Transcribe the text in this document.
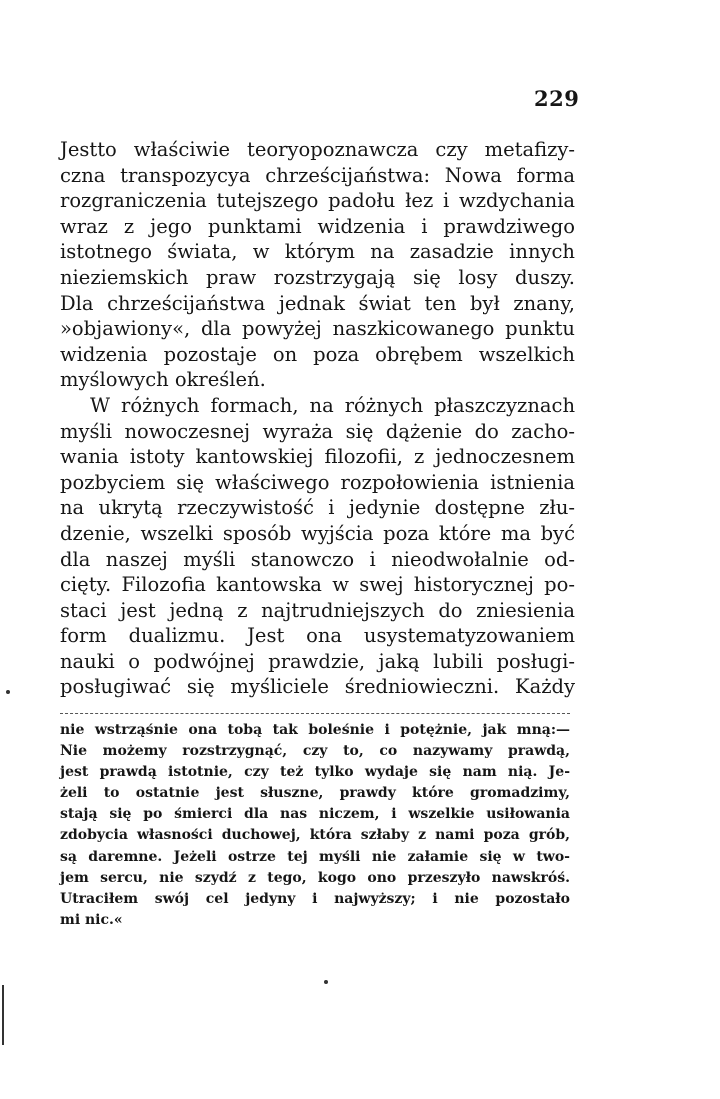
229
Jestto właściwie teoryopoznawcza czy metafizy-
czna transpozycya chrześcijaństwa: Nowa forma
rozgraniczenia tutejszego padołu łez i wzdychania
wraz z jego punktami widzenia i prawdziwego
istotnego świata, w którym na zasadzie innych
nieziemskich praw rozstrzygają się losy duszy.
Dla chrześcijaństwa jednak świat ten był znany,
»objawiony«, dla powyżej naszkicowanego punktu
widzenia pozostaje on poza obrębem wszelkich
myślowych określeń.
W różnych formach, na różnych płaszczyznach
myśli nowoczesnej wyraża się dążenie do zacho-
wania istoty kantowskiej filozofii, z jednoczesnem
pozbyciem się właściwego rozpołowienia istnienia
na ukrytą rzeczywistość i jedynie dostępne złu-
dzenie, wszelki sposób wyjścia poza które ma być
dla naszej myśli stanowczo i nieodwołalnie od-
cięty. Filozofia kantowska w swej historycznej po-
staci jest jedną z najtrudniejszych do zniesienia
form dualizmu. Jest ona usystematyzowaniem
nauki o podwójnej prawdzie, jaką lubili posługi-
posługiwać się myśliciele średniowieczni. Każdy
nie wstrząśnie ona tobą tak boleśnie i potężnie, jak mną:—
Nie możemy rozstrzygnąć, czy to, co nazywamy prawdą,
jest prawdą istotnie, czy też tylko wydaje się nam nią. Je-
żeli to ostatnie jest słuszne, prawdy które gromadzimy,
stają się po śmierci dla nas niczem, i wszelkie usiłowania
zdobycia własności duchowej, która szłaby z nami poza grób,
są daremne. Jeżeli ostrze tej myśli nie załamie się w two-
jem sercu, nie szydź z tego, kogo ono przeszyło nawskróś.
Utraciłem swój cel jedyny i najwyższy; i nie pozostało
mi nic.«
